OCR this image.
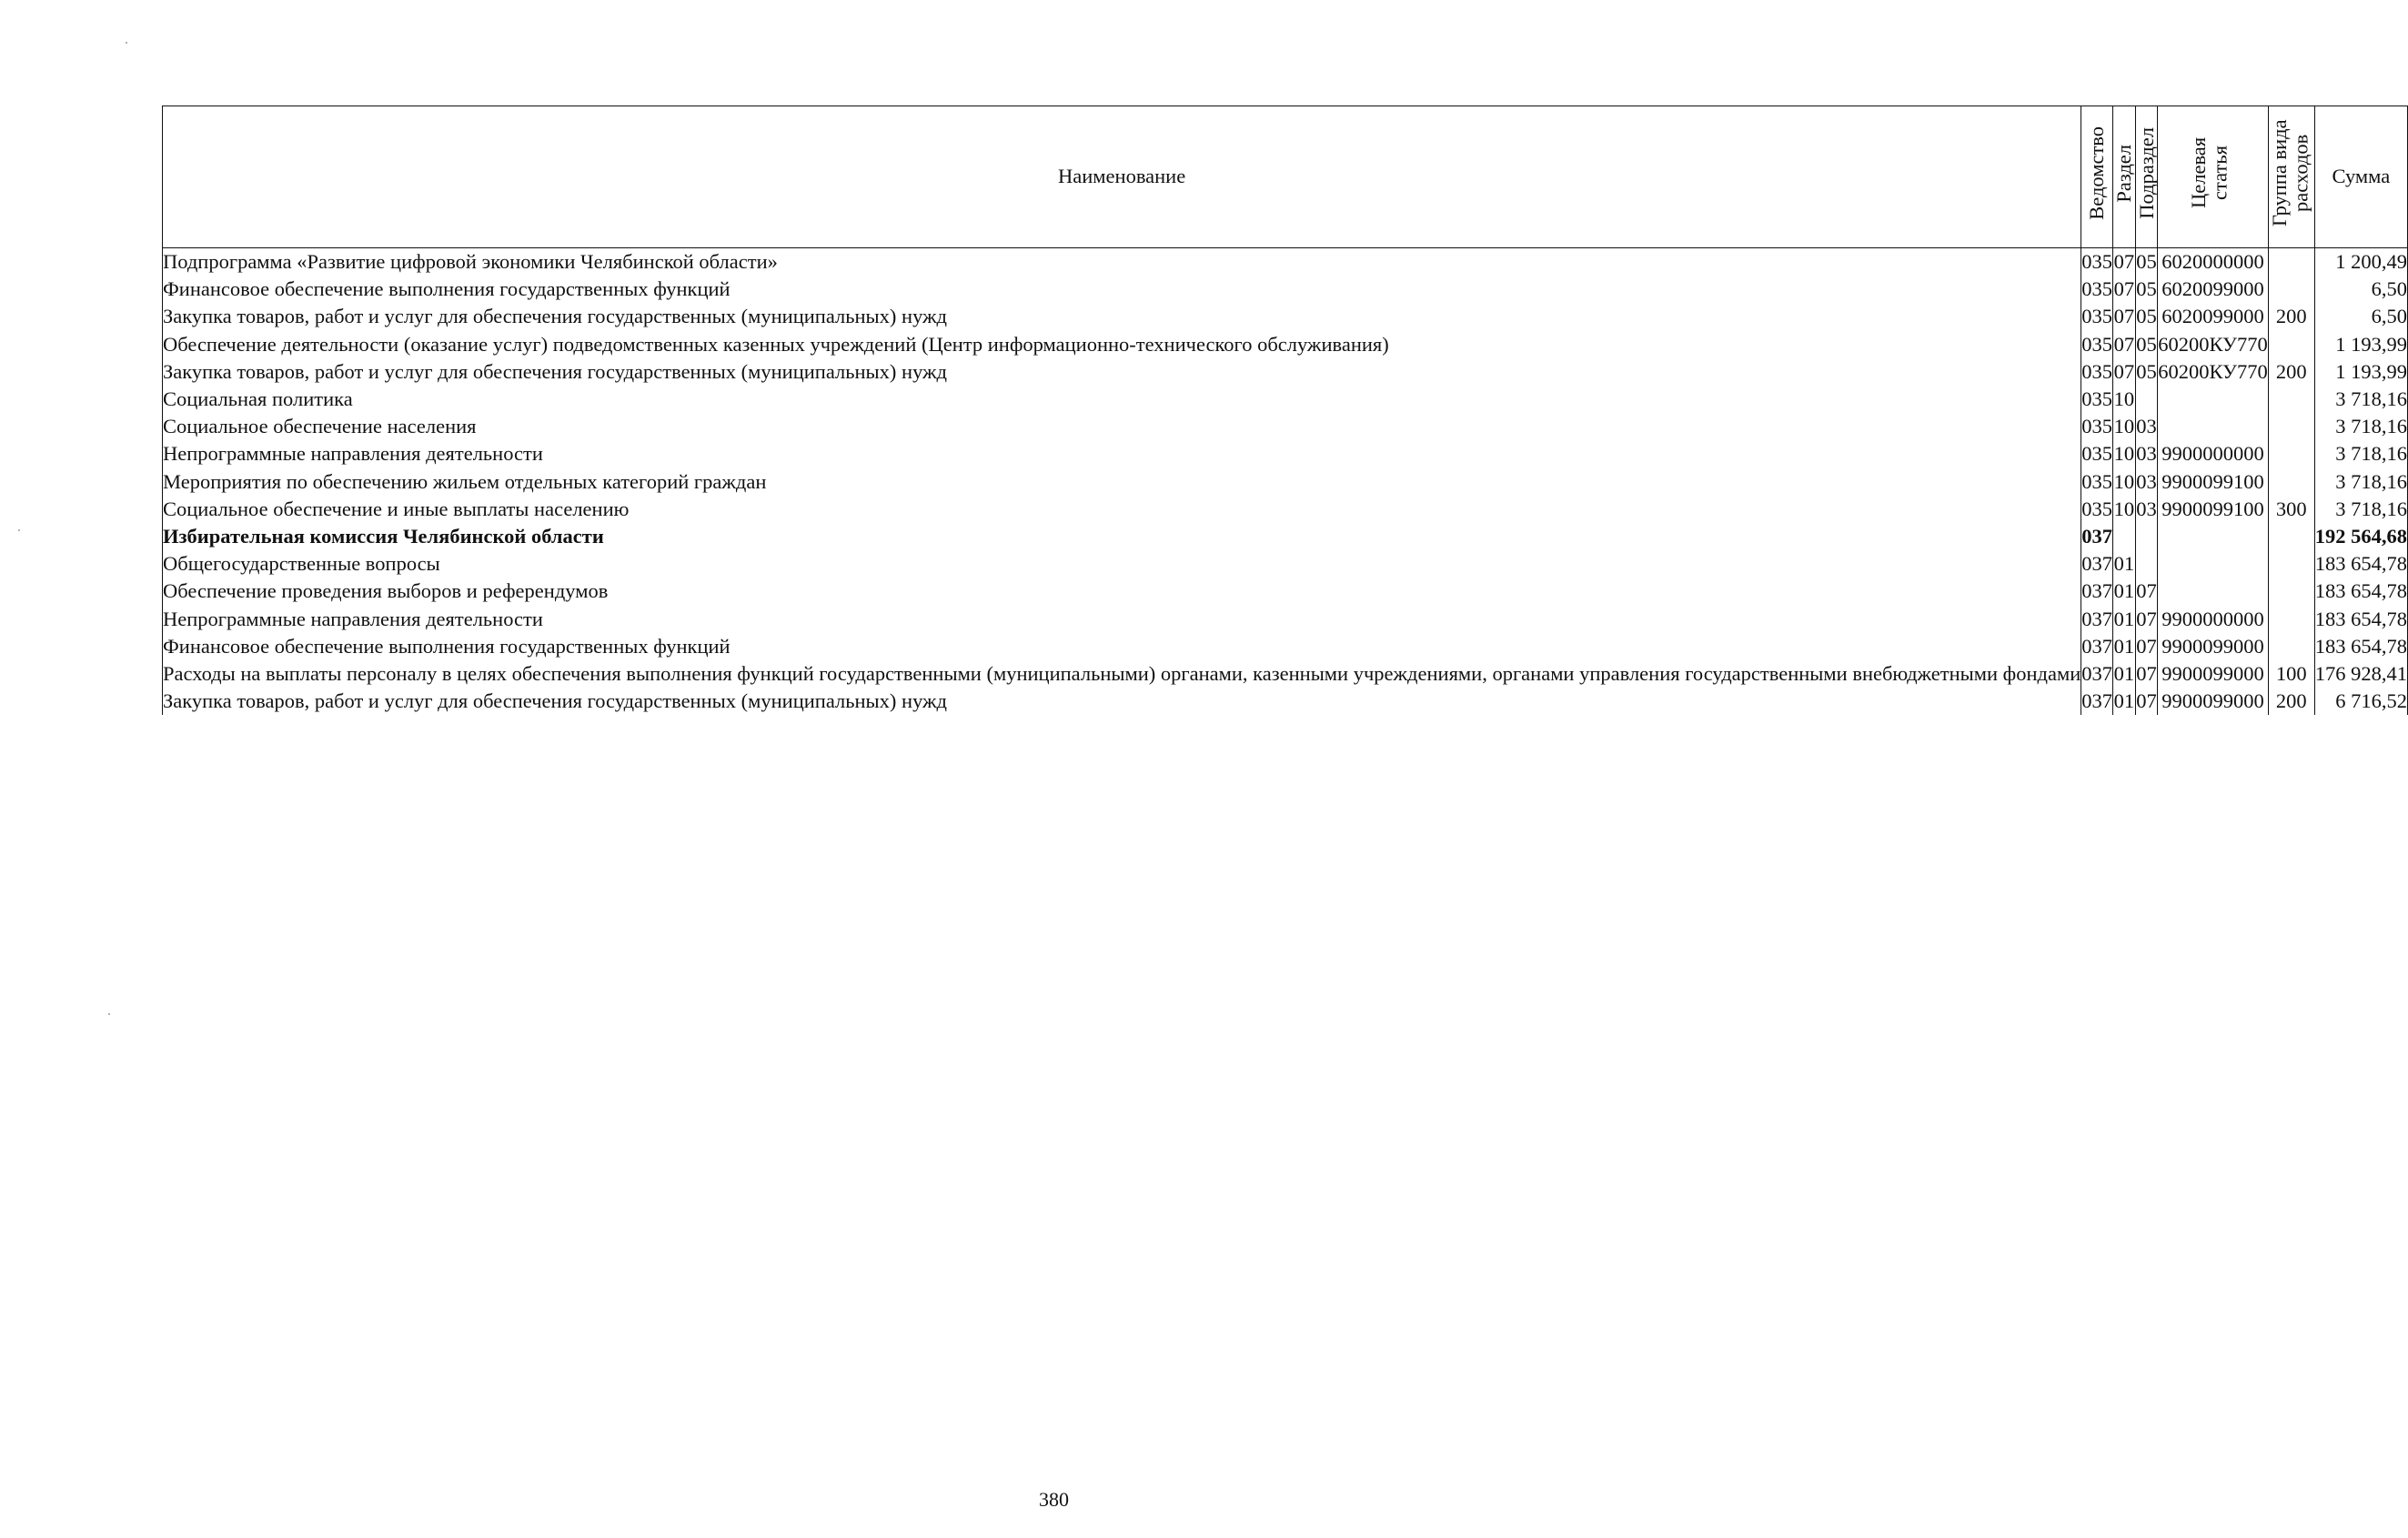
Наименование	Ведомство	Раздел	Подраздел	Целевая статья	Группа вида расходов	Сумма
Подпрограмма «Развитие цифровой экономики Челябинской области»	035	07	05	6020000000		1 200,49
Финансовое обеспечение выполнения государственных функций	035	07	05	6020099000		6,50
Закупка товаров, работ и услуг для обеспечения государственных (муниципальных) нужд	035	07	05	6020099000	200	6,50
Обеспечение деятельности (оказание услуг) подведомственных казенных учреждений (Центр информационно-технического обслуживания)	035	07	05	60200КУ770		1 193,99
Закупка товаров, работ и услуг для обеспечения государственных (муниципальных) нужд	035	07	05	60200КУ770	200	1 193,99
Социальная политика	035	10				3 718,16
Социальное обеспечение населения	035	10	03			3 718,16
Непрограммные направления деятельности	035	10	03	9900000000		3 718,16
Мероприятия по обеспечению жильем отдельных категорий граждан	035	10	03	9900099100		3 718,16
Социальное обеспечение и иные выплаты населению	035	10	03	9900099100	300	3 718,16
Избирательная комиссия Челябинской области	037					192 564,68
Общегосударственные вопросы	037	01				183 654,78
Обеспечение проведения выборов и референдумов	037	01	07			183 654,78
Непрограммные направления деятельности	037	01	07	9900000000		183 654,78
Финансовое обеспечение выполнения государственных функций	037	01	07	9900099000		183 654,78
Расходы на выплаты персоналу в целях обеспечения выполнения функций государственными (муниципальными) органами, казенными учреждениями, органами управления государственными внебюджетными фондами	037	01	07	9900099000	100	176 928,41
Закупка товаров, работ и услуг для обеспечения государственных (муниципальных) нужд	037	01	07	9900099000	200	6 716,52
380
